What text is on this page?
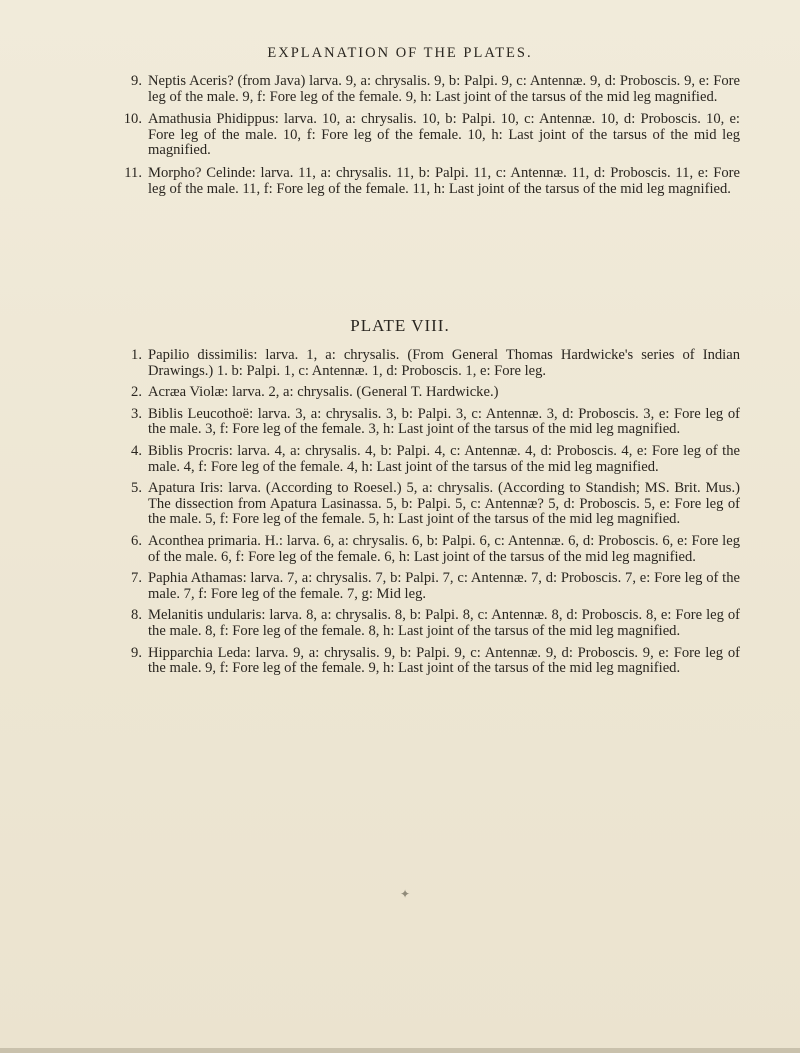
EXPLANATION OF THE PLATES.
9. Neptis Aceris? (from Java) larva. 9, a: chrysalis. 9, b: Palpi. 9, c: Antennæ. 9, d: Proboscis. 9, e: Fore leg of the male. 9, f: Fore leg of the female. 9, h: Last joint of the tarsus of the mid leg magnified.
10. Amathusia Phidippus: larva. 10, a: chrysalis. 10, b: Palpi. 10, c: Antennæ. 10, d: Proboscis. 10, e: Fore leg of the male. 10, f: Fore leg of the female. 10, h: Last joint of the tarsus of the mid leg magnified.
11. Morpho? Celinde: larva. 11, a: chrysalis. 11, b: Palpi. 11, c: Antennæ. 11, d: Proboscis. 11, e: Fore leg of the male. 11, f: Fore leg of the female. 11, h: Last joint of the tarsus of the mid leg magnified.
PLATE VIII.
1. Papilio dissimilis: larva. 1, a: chrysalis. (From General Thomas Hardwicke's series of Indian Drawings.) 1. b: Palpi. 1, c: Antennæ. 1, d: Proboscis. 1, e: Fore leg.
2. Acræa Violæ: larva. 2, a: chrysalis. (General T. Hardwicke.)
3. Biblis Leucothoë: larva. 3, a: chrysalis. 3, b: Palpi. 3, c: Antennæ. 3, d: Proboscis. 3, e: Fore leg of the male. 3, f: Fore leg of the female. 3, h: Last joint of the tarsus of the mid leg magnified.
4. Biblis Procris: larva. 4, a: chrysalis. 4, b: Palpi. 4, c: Antennæ. 4, d: Proboscis. 4, e: Fore leg of the male. 4, f: Fore leg of the female. 4, h: Last joint of the tarsus of the mid leg magnified.
5. Apatura Iris: larva. (According to Roesel.) 5, a: chrysalis. (According to Standish; MS. Brit. Mus.) The dissection from Apatura Lasinassa. 5, b: Palpi. 5, c: Antennæ? 5, d: Proboscis. 5, e: Fore leg of the male. 5, f: Fore leg of the female. 5, h: Last joint of the tarsus of the mid leg magnified.
6. Aconthea primaria. H.: larva. 6, a: chrysalis. 6, b: Palpi. 6, c: Antennæ. 6, d: Proboscis. 6, e: Fore leg of the male. 6, f: Fore leg of the female. 6, h: Last joint of the tarsus of the mid leg magnified.
7. Paphia Athamas: larva. 7, a: chrysalis. 7, b: Palpi. 7, c: Antennæ. 7, d: Proboscis. 7, e: Fore leg of the male. 7, f: Fore leg of the female. 7, g: Mid leg.
8. Melanitis undularis: larva. 8, a: chrysalis. 8, b: Palpi. 8, c: Antennæ. 8, d: Proboscis. 8, e: Fore leg of the male. 8, f: Fore leg of the female. 8, h: Last joint of the tarsus of the mid leg magnified.
9. Hipparchia Leda: larva. 9, a: chrysalis. 9, b: Palpi. 9, c: Antennæ. 9, d: Proboscis. 9, e: Fore leg of the male. 9, f: Fore leg of the female. 9, h: Last joint of the tarsus of the mid leg magnified.
✦
